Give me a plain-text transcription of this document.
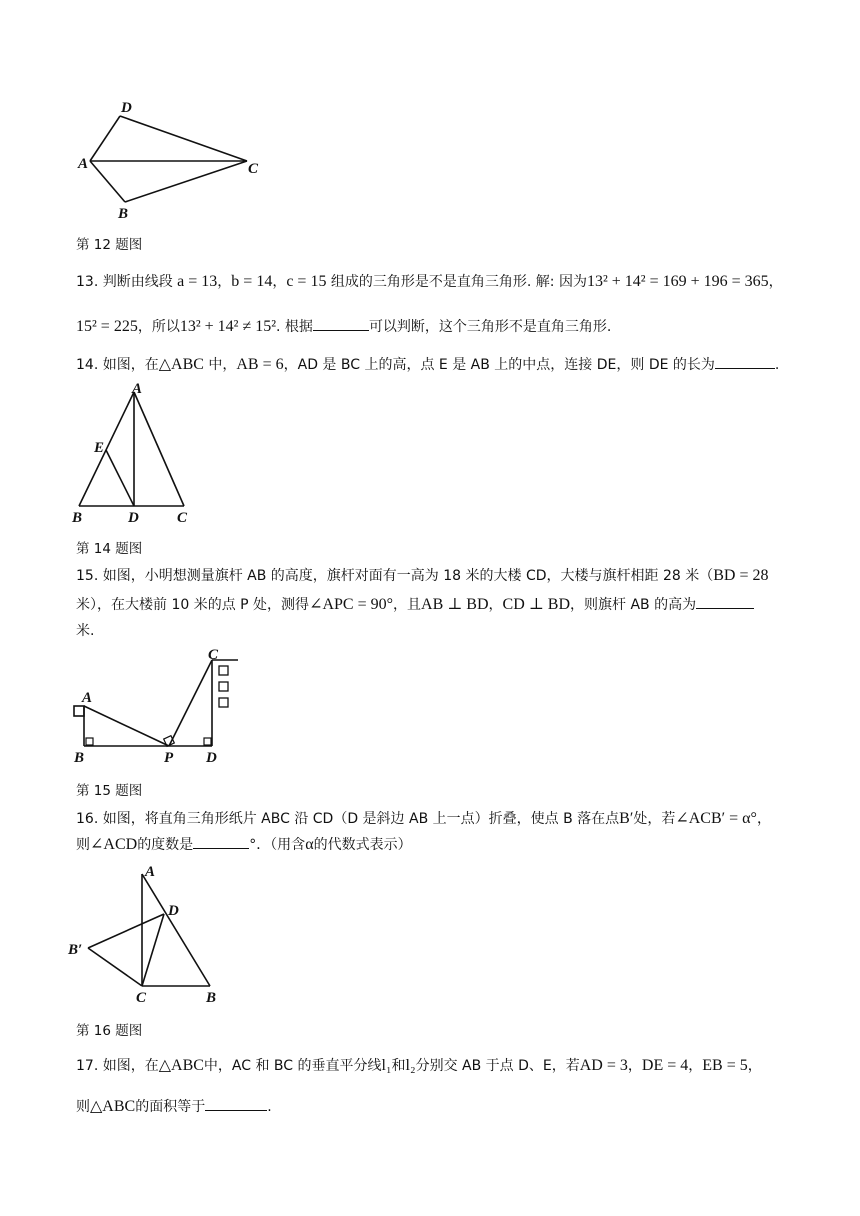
D
A	C
B
第 12 题图
13. 判断由线段 a = 13，b = 14，c = 15 组成的三角形是不是直角三角形. 解: 因为13² + 14² = 169 + 196 = 365，
15² = 225，所以13² + 14² ≠ 15². 根据	可以判断，这个三角形不是直角三角形.
14. 如图，在△ABC 中，AB = 6，AD 是 BC 上的高，点 E 是 AB 上的中点，连接 DE，则 DE 的长为	.
A
E
B	D	C
第 14 题图
15. 如图，小明想测量旗杆 AB 的高度，旗杆对面有一高为 18 米的大楼 CD，大楼与旗杆相距 28 米（BD = 28
米），在大楼前 10 米的点 P 处，测得∠APC = 90°，且AB ⊥ BD，CD ⊥ BD，则旗杆 AB 的高为
米.
C
A
B	P D
第 15 题图
16. 如图，将直角三角形纸片 ABC 沿 CD（D 是斜边 AB 上一点）折叠，使点 B 落在点B′处，若∠ACB′ = α°，
则∠ACD的度数是	°．（用含α的代数式表示）
A
D
B′
C	B
第 16 题图
17. 如图，在△ABC中，AC 和 BC 的垂直平分线l₁和l₂分别交 AB 于点 D、E，若AD = 3，DE = 4，EB = 5，
则△ABC的面积等于	.
